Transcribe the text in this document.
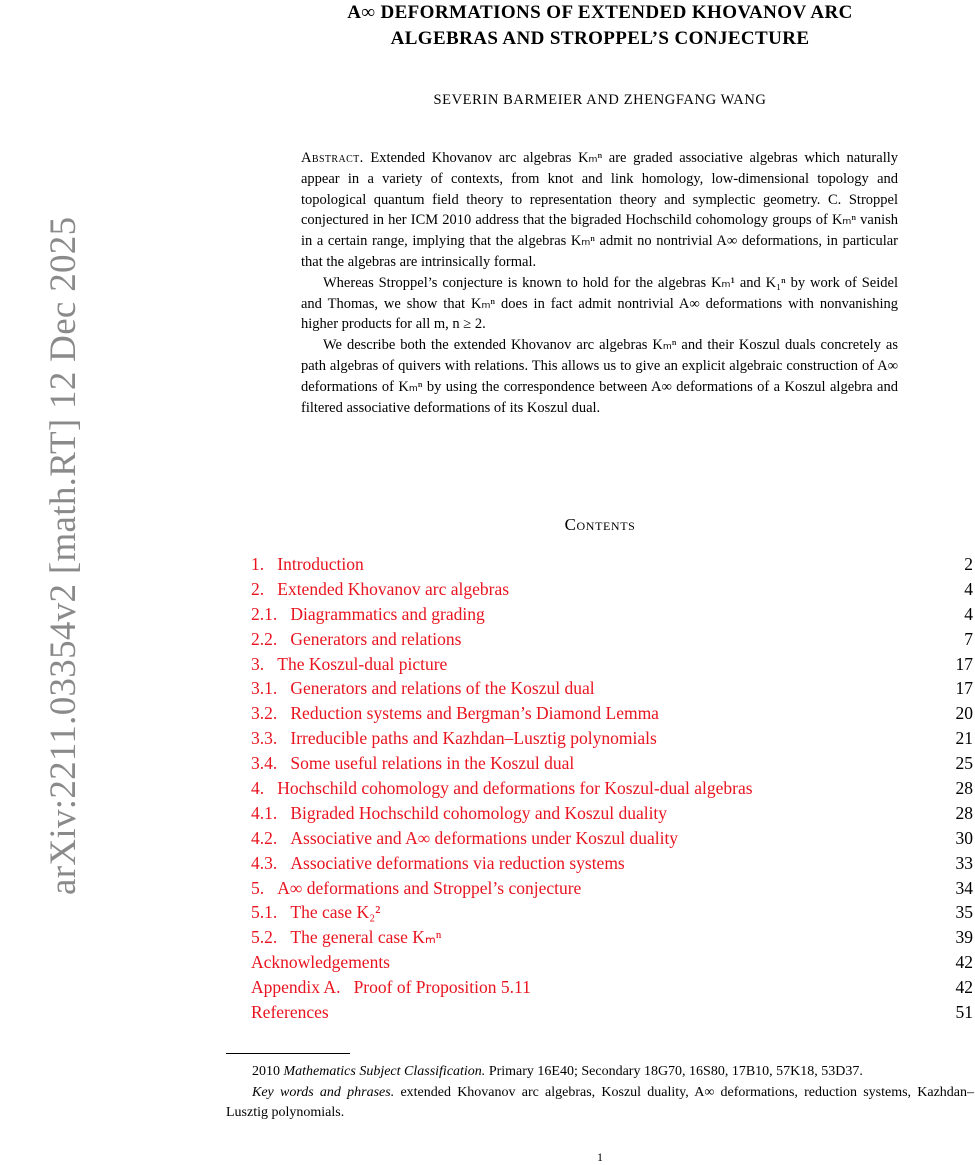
arXiv:2211.03354v2 [math.RT] 12 Dec 2025
A∞ DEFORMATIONS OF EXTENDED KHOVANOV ARC
ALGEBRAS AND STROPPEL’S CONJECTURE
SEVERIN BARMEIER AND ZHENGFANG WANG

Abstract. Extended Khovanov arc algebras Kₘⁿ are graded associative algebras which naturally appear in a variety of contexts, from knot and link homology, low-dimensional topology and topological quantum field theory to representation theory and symplectic geometry. C. Stroppel conjectured in her ICM 2010 address that the bigraded Hochschild cohomology groups of Kₘⁿ vanish in a certain range, implying that the algebras Kₘⁿ admit no nontrivial A∞ deformations, in particular that the algebras are intrinsically formal.

Whereas Stroppel’s conjecture is known to hold for the algebras Kₘ¹ and K₁ⁿ by work of Seidel and Thomas, we show that Kₘⁿ does in fact admit nontrivial A∞ deformations with nonvanishing higher products for all m, n ≥ 2.

We describe both the extended Khovanov arc algebras Kₘⁿ and their Koszul duals concretely as path algebras of quivers with relations. This allows us to give an explicit algebraic construction of A∞ deformations of Kₘⁿ by using the correspondence between A∞ deformations of a Koszul algebra and filtered associative deformations of its Koszul dual.

Contents
1. Introduction	2
2. Extended Khovanov arc algebras	4
2.1. Diagrammatics and grading	4
2.2. Generators and relations	7
3. The Koszul-dual picture	17
3.1. Generators and relations of the Koszul dual	17
3.2. Reduction systems and Bergman’s Diamond Lemma	20
3.3. Irreducible paths and Kazhdan–Lusztig polynomials	21
3.4. Some useful relations in the Koszul dual	25
4. Hochschild cohomology and deformations for Koszul-dual algebras	28
4.1. Bigraded Hochschild cohomology and Koszul duality	28
4.2. Associative and A∞ deformations under Koszul duality	30
4.3. Associative deformations via reduction systems	33
5. A∞ deformations and Stroppel’s conjecture	34
5.1. The case K₂²	35
5.2. The general case Kₘⁿ	39
Acknowledgements	42
Appendix A. Proof of Proposition 5.11	42
References	51

2010 Mathematics Subject Classification. Primary 16E40; Secondary 18G70, 16S80, 17B10, 57K18, 53D37.

Key words and phrases. extended Khovanov arc algebras, Koszul duality, A∞ deformations, reduction systems, Kazhdan–Lusztig polynomials.

1
